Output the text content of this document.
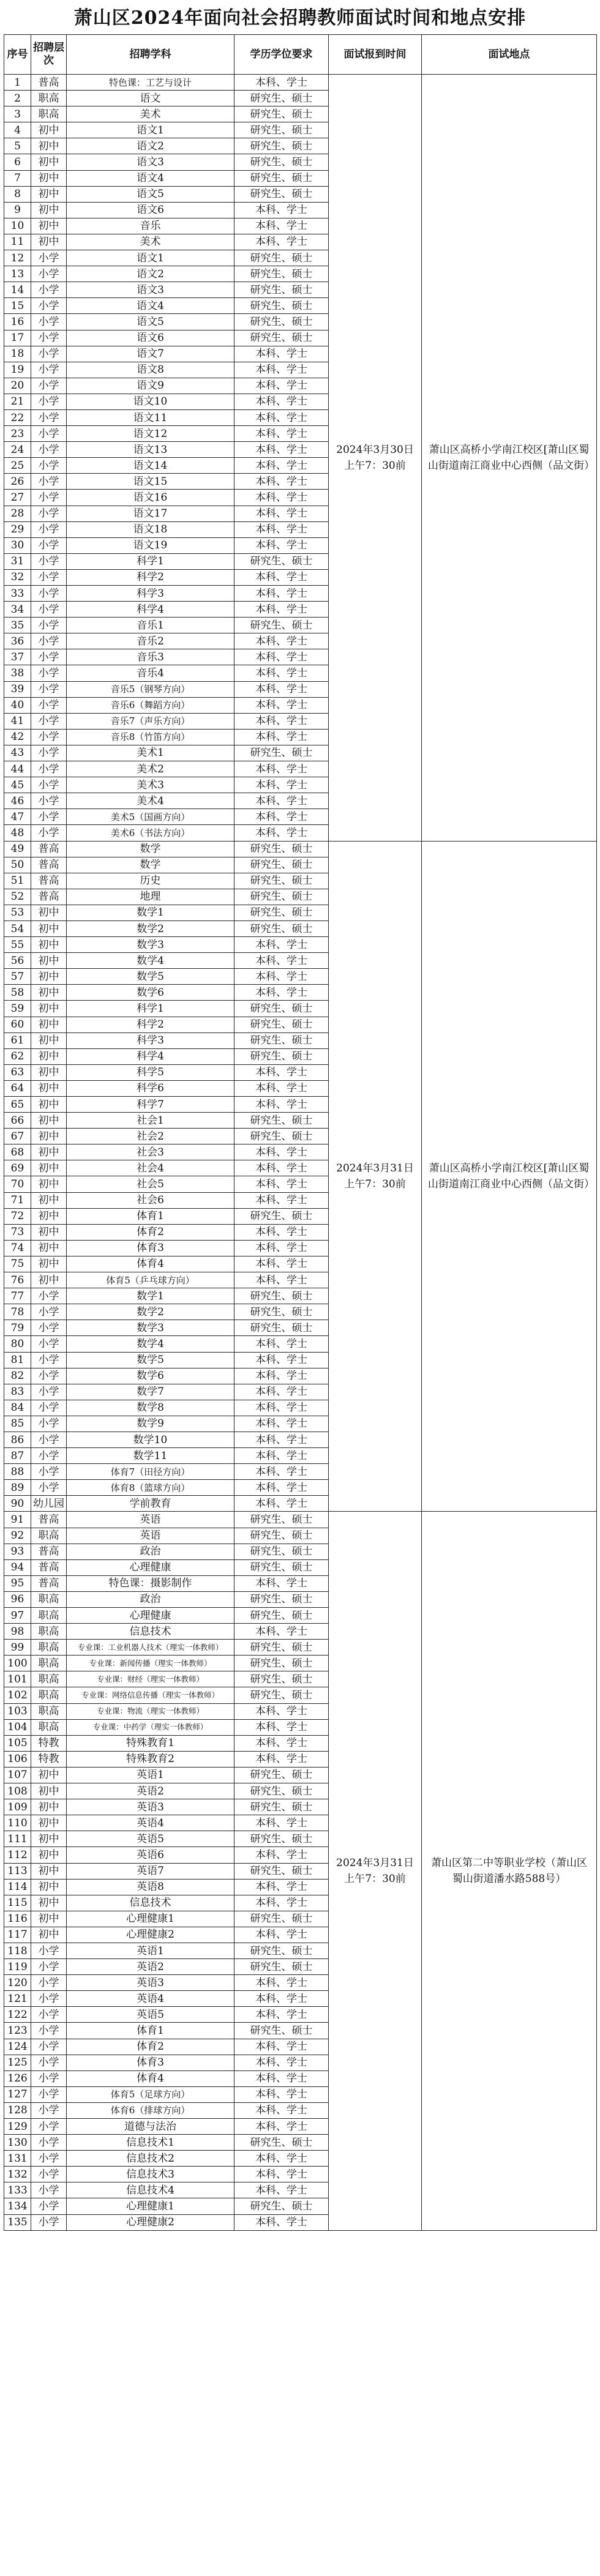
萧山区2024年面向社会招聘教师面试时间和地点安排
序号	招聘层次	招聘学科	学历学位要求	面试报到时间	面试地点
1	普高	特色课：工艺与设计	本科、学士	2024年3月30日上午7：30前	萧山区高桥小学南江校区[萧山区蜀山街道南江商业中心西侧（品文街）
2	职高	语文	研究生、硕士		
3	职高	美术	研究生、硕士		
4	初中	语文1	研究生、硕士		
5	初中	语文2	研究生、硕士		
6	初中	语文3	研究生、硕士		
7	初中	语文4	研究生、硕士		
8	初中	语文5	研究生、硕士		
9	初中	语文6	本科、学士		
10	初中	音乐	本科、学士		
11	初中	美术	本科、学士		
12	小学	语文1	研究生、硕士		
13	小学	语文2	研究生、硕士		
14	小学	语文3	研究生、硕士		
15	小学	语文4	研究生、硕士		
16	小学	语文5	研究生、硕士		
17	小学	语文6	研究生、硕士		
18	小学	语文7	本科、学士		
19	小学	语文8	本科、学士		
20	小学	语文9	本科、学士		
21	小学	语文10	本科、学士		
22	小学	语文11	本科、学士		
23	小学	语文12	本科、学士		
24	小学	语文13	本科、学士		
25	小学	语文14	本科、学士		
26	小学	语文15	本科、学士		
27	小学	语文16	本科、学士		
28	小学	语文17	本科、学士		
29	小学	语文18	本科、学士		
30	小学	语文19	本科、学士		
31	小学	科学1	研究生、硕士		
32	小学	科学2	本科、学士		
33	小学	科学3	本科、学士		
34	小学	科学4	本科、学士		
35	小学	音乐1	研究生、硕士		
36	小学	音乐2	本科、学士		
37	小学	音乐3	本科、学士		
38	小学	音乐4	本科、学士		
39	小学	音乐5（钢琴方向）	本科、学士		
40	小学	音乐6（舞蹈方向）	本科、学士		
41	小学	音乐7（声乐方向）	本科、学士		
42	小学	音乐8（竹笛方向）	本科、学士		
43	小学	美术1	研究生、硕士		
44	小学	美术2	本科、学士		
45	小学	美术3	本科、学士		
46	小学	美术4	本科、学士		
47	小学	美术5（国画方向）	本科、学士		
48	小学	美术6（书法方向）	本科、学士		
49	普高	数学	研究生、硕士	2024年3月31日上午7：30前	萧山区高桥小学南江校区[萧山区蜀山街道南江商业中心西侧（品文街）
50	普高	数学	研究生、硕士		
51	普高	历史	研究生、硕士		
52	普高	地理	研究生、硕士		
53	初中	数学1	研究生、硕士		
54	初中	数学2	研究生、硕士		
55	初中	数学3	本科、学士		
56	初中	数学4	本科、学士		
57	初中	数学5	本科、学士		
58	初中	数学6	本科、学士		
59	初中	科学1	研究生、硕士		
60	初中	科学2	研究生、硕士		
61	初中	科学3	研究生、硕士		
62	初中	科学4	研究生、硕士		
63	初中	科学5	本科、学士		
64	初中	科学6	本科、学士		
65	初中	科学7	本科、学士		
66	初中	社会1	研究生、硕士		
67	初中	社会2	研究生、硕士		
68	初中	社会3	本科、学士		
69	初中	社会4	本科、学士		
70	初中	社会5	本科、学士		
71	初中	社会6	本科、学士		
72	初中	体育1	研究生、硕士		
73	初中	体育2	本科、学士		
74	初中	体育3	本科、学士		
75	初中	体育4	本科、学士		
76	初中	体育5（乒乓球方向）	本科、学士		
77	小学	数学1	研究生、硕士		
78	小学	数学2	研究生、硕士		
79	小学	数学3	研究生、硕士		
80	小学	数学4	本科、学士		
81	小学	数学5	本科、学士		
82	小学	数学6	本科、学士		
83	小学	数学7	本科、学士		
84	小学	数学8	本科、学士		
85	小学	数学9	本科、学士		
86	小学	数学10	本科、学士		
87	小学	数学11	本科、学士		
88	小学	体育7（田径方向）	本科、学士		
89	小学	体育8（篮球方向）	本科、学士		
90	幼儿园	学前教育	本科、学士		
91	普高	英语	研究生、硕士	2024年3月31日上午7：30前	萧山区第二中等职业学校（萧山区蜀山街道潘水路588号）
92	职高	英语	研究生、硕士		
93	普高	政治	研究生、硕士		
94	普高	心理健康	研究生、硕士		
95	普高	特色课：摄影制作	本科、学士		
96	职高	政治	研究生、硕士		
97	职高	心理健康	研究生、硕士		
98	职高	信息技术	本科、学士		
99	职高	专业课：工业机器人技术（理实一体教师）	研究生、硕士		
100	职高	专业课：新闻传播（理实一体教师）	研究生、硕士		
101	职高	专业课：财经（理实一体教师）	研究生、硕士		
102	职高	专业课：网络信息传播（理实一体教师）	研究生、硕士		
103	职高	专业课：物流（理实一体教师）	本科、学士		
104	职高	专业课：中药学（理实一体教师）	本科、学士		
105	特教	特殊教育1	本科、学士		
106	特教	特殊教育2	本科、学士		
107	初中	英语1	研究生、硕士		
108	初中	英语2	研究生、硕士		
109	初中	英语3	研究生、硕士		
110	初中	英语4	本科、学士		
111	初中	英语5	研究生、硕士		
112	初中	英语6	本科、学士		
113	初中	英语7	研究生、硕士		
114	初中	英语8	本科、学士		
115	初中	信息技术	本科、学士		
116	初中	心理健康1	研究生、硕士		
117	初中	心理健康2	本科、学士		
118	小学	英语1	研究生、硕士		
119	小学	英语2	研究生、硕士		
120	小学	英语3	本科、学士		
121	小学	英语4	本科、学士		
122	小学	英语5	本科、学士		
123	小学	体育1	研究生、硕士		
124	小学	体育2	本科、学士		
125	小学	体育3	本科、学士		
126	小学	体育4	本科、学士		
127	小学	体育5（足球方向）	本科、学士		
128	小学	体育6（排球方向）	本科、学士		
129	小学	道德与法治	本科、学士		
130	小学	信息技术1	研究生、硕士		
131	小学	信息技术2	本科、学士		
132	小学	信息技术3	本科、学士		
133	小学	信息技术4	本科、学士		
134	小学	心理健康1	研究生、硕士		
135	小学	心理健康2	本科、学士		
